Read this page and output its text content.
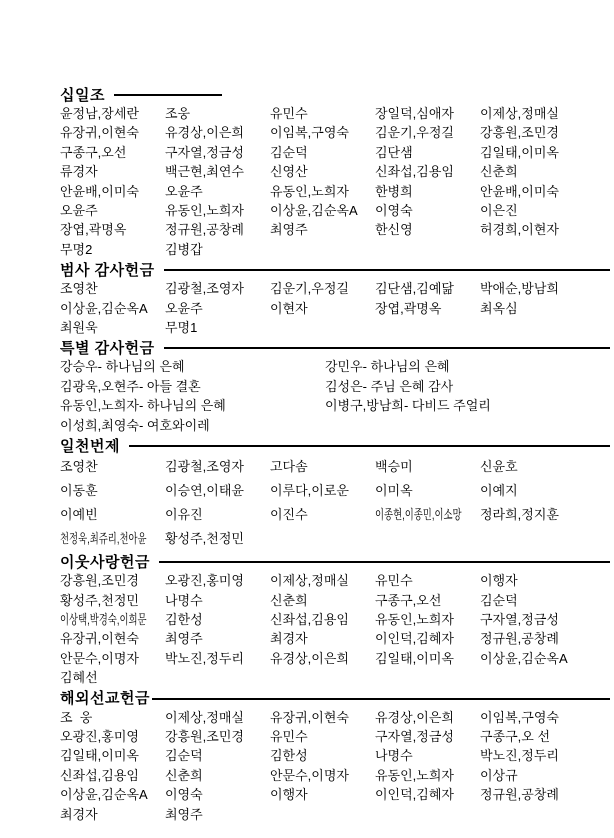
십일조
윤정남,장세란	조웅	유민수	장일덕,심애자	이제상,정매실
유장귀,이현숙	유경상,이은희	이임복,구영숙	김운기,우정길	강흥원,조민경
구종구,오선	구자열,정금성	김순덕	김단샘	김일태,이미옥
류경자	백근현,최연수	신영산	신좌섭,김용임	신춘희
안윤배,이미숙	오윤주	유동인,노희자	한병희	안윤배,이미숙
오윤주	유동인,노희자	이상윤,김순옥A	이영숙	이은진
장엽,곽명옥	정규원,공창례	최영주	한신영	허경희,이현자
무명2	김병갑
범사 감사헌금
조영찬	김광철,조영자	김운기,우정길	김단샘,김예닮	박애순,방남희
이상윤,김순옥A	오윤주	이현자	장엽,곽명옥	최옥심
최원욱	무명1
특별 감사헌금
강승우- 하나님의 은혜	강민우- 하나님의 은혜
김광욱,오현주- 아들 결혼	김성은- 주님 은혜 감사
유동인,노희자- 하나님의 은혜	이병구,방남희- 다비드 주얼리
이성희,최영숙- 여호와이레
일천번제
조영찬	김광철,조영자	고다솜	백승미	신윤호
이동훈	이승연,이태윤	이루다,이로운	이미옥	이예지
이예빈	이유진	이진수	이종현,이종민,이소망	정라희,정지훈
천정욱,최쥬리,천아윤	황성주,천정민
이웃사랑헌금
강흥원,조민경	오광진,홍미영	이제상,정매실	유민수	이행자
황성주,천정민	나명수	신춘희	구종구,오선	김순덕
이상택,박경숙,이희문	김한성	신좌섭,김용임	유동인,노희자	구자열,정금성
유장귀,이현숙	최영주	최경자	이인덕,김혜자	정규원,공창례
안문수,이명자	박노진,정두리	유경상,이은희	김일태,이미옥	이상윤,김순옥A
김혜선
해외선교헌금
조  웅	이제상,정매실	유장귀,이현숙	유경상,이은희	이임복,구영숙
오광진,홍미영	강흥원,조민경	유민수	구자열,정금성	구종구,오 선
김일태,이미옥	김순덕	김한성	나명수	박노진,정두리
신좌섭,김용임	신춘희	안문수,이명자	유동인,노희자	이상규
이상윤,김순옥A	이영숙	이행자	이인덕,김혜자	정규원,공창례
최경자	최영주
